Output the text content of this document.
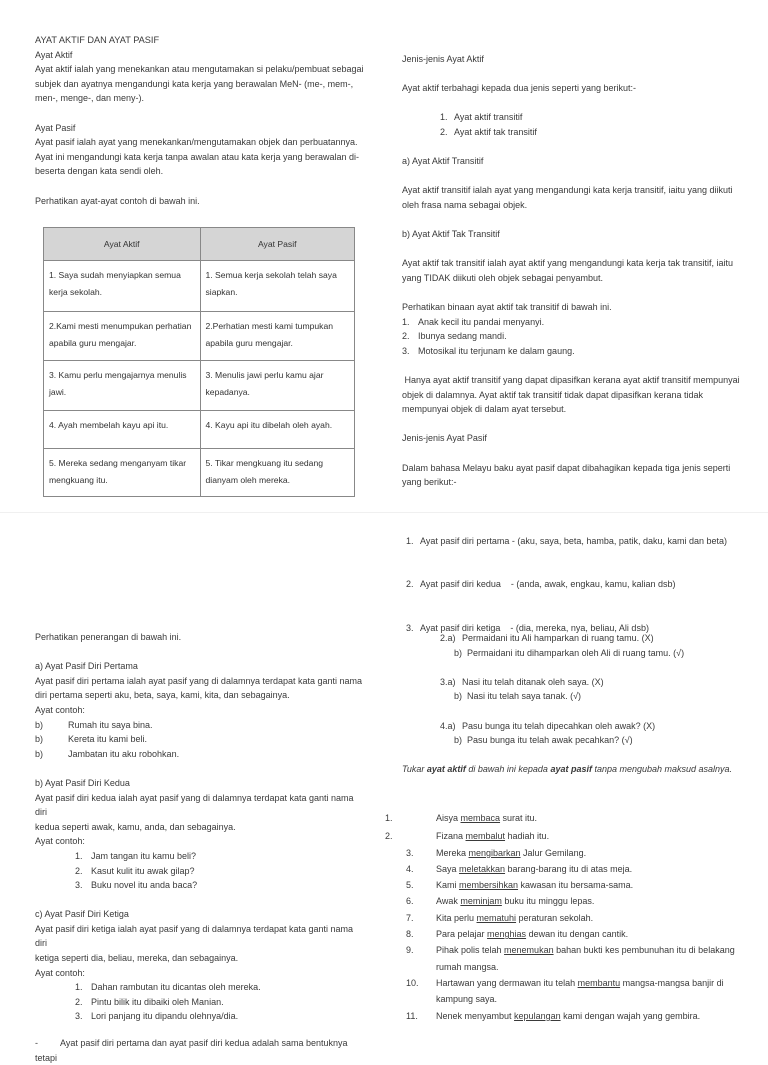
AYAT AKTIF DAN AYAT PASIF

Ayat Aktif

Ayat aktif ialah yang menekankan atau mengutamakan si pelaku/pembuat sebagai

subjek dan ayatnya mengandungi kata kerja yang berawalan MeN- (me-, mem-,

men-, menge-, dan meny-).

Ayat Pasif

Ayat pasif ialah ayat yang menekankan/mengutamakan objek dan perbuatannya.

Ayat ini mengandungi kata kerja tanpa awalan atau kata kerja yang berawalan di-

beserta dengan kata sendi oleh.

Perhatikan ayat-ayat contoh di bawah ini.

Ayat Aktif	Ayat Pasif
1. Saya sudah menyiapkan semua kerja sekolah.	1. Semua kerja sekolah telah saya siapkan.
2.Kami mesti menumpukan perhatian apabila guru mengajar.	2.Perhatian mesti kami tumpukan apabila guru mengajar.
3. Kamu perlu mengajarnya menulis jawi.	3. Menulis jawi perlu kamu ajar kepadanya.
4. Ayah membelah kayu api itu.	4. Kayu api itu dibelah oleh ayah.
5. Mereka sedang menganyam tikar mengkuang itu.	5. Tikar mengkuang itu sedang dianyam oleh mereka.

Jenis-jenis Ayat Aktif

Ayat aktif terbahagi kepada dua jenis seperti yang berikut:-

1. Ayat aktif transitif
2. Ayat aktif tak transitif

a) Ayat Aktif Transitif

Ayat aktif transitif ialah ayat yang mengandungi kata kerja transitif, iaitu yang diikuti

oleh frasa nama sebagai objek.

b) Ayat Aktif Tak Transitif

Ayat aktif tak transitif ialah ayat aktif yang mengandungi kata kerja tak transitif, iaitu

yang TIDAK diikuti oleh objek sebagai penyambut.

Perhatikan binaan ayat aktif tak transitif di bawah ini.

1. Anak kecil itu pandai menyanyi.
2. Ibunya sedang mandi.
3. Motosikal itu terjunam ke dalam gaung.

Hanya ayat aktif transitif yang dapat dipasifkan kerana ayat aktif transitif mempunyai

objek di dalamnya. Ayat aktif tak transitif tidak dapat dipasifkan kerana tidak

mempunyai objek di dalam ayat tersebut.

Jenis-jenis Ayat Pasif

Dalam bahasa Melayu baku ayat pasif dapat dibahagikan kepada tiga jenis seperti

yang berikut:-

1. Ayat pasif diri pertama - (aku, saya, beta, hamba, patik, daku, kami dan beta)

2. Ayat pasif diri kedua    - (anda, awak, engkau, kamu, kalian dsb)

3. Ayat pasif diri ketiga    - (dia, mereka, nya, beliau, Ali dsb)

Perhatikan penerangan di bawah ini.

a) Ayat Pasif Diri Pertama

Ayat pasif diri pertama ialah ayat pasif yang di dalamnya terdapat kata ganti nama

diri pertama seperti aku, beta, saya, kami, kita, dan sebagainya.

Ayat contoh:

b)	Rumah itu saya bina.
b)	Kereta itu kami beli.
b)	Jambatan itu aku robohkan.

b) Ayat Pasif Diri Kedua

Ayat pasif diri kedua ialah ayat pasif yang di dalamnya terdapat kata ganti nama diri

kedua seperti awak, kamu, anda, dan sebagainya.

Ayat contoh:

1. Jam tangan itu kamu beli?
2. Kasut kulit itu awak gilap?
3. Buku novel itu anda baca?

c) Ayat Pasif Diri Ketiga

Ayat pasif diri ketiga ialah ayat pasif yang di dalamnya terdapat kata ganti nama diri

ketiga seperti dia, beliau, mereka, dan sebagainya.

Ayat contoh:

1. Dahan rambutan itu dicantas oleh mereka.
2. Pintu bilik itu dibaiki oleh Manian.
3. Lori panjang itu dipandu olehnya/dia.

- Ayat pasif diri pertama dan ayat pasif diri kedua adalah sama bentuknya tetapi

2.a) Permaidani itu Ali hamparkan di ruang tamu. (X)

b) Permaidani itu dihamparkan oleh Ali di ruang tamu. (√)

3.a) Nasi itu telah ditanak oleh saya. (X)

b) Nasi itu telah saya tanak. (√)

4.a) Pasu bunga itu telah dipecahkan oleh awak? (X)

b) Pasu bunga itu telah awak pecahkan? (√)

Tukar ayat aktif di bawah ini kepada ayat pasif tanpa mengubah maksud asalnya.

1.	Aisya membaca surat itu.

2.	Fizana membalut hadiah itu.

3. Mereka mengibarkan Jalur Gemilang.

4. Saya meletakkan barang-barang itu di atas meja.

5. Kami membersihkan kawasan itu bersama-sama.

6. Awak meminjam buku itu minggu lepas.

7. Kita perlu mematuhi peraturan sekolah.

8. Para pelajar menghias dewan itu dengan cantik.

9. Pihak polis telah menemukan bahan bukti kes pembunuhan itu di belakang

rumah mangsa.

10. Hartawan yang dermawan itu telah membantu mangsa-mangsa banjir di

kampung saya.

11. Nenek menyambut kepulangan kami dengan wajah yang gembira.
